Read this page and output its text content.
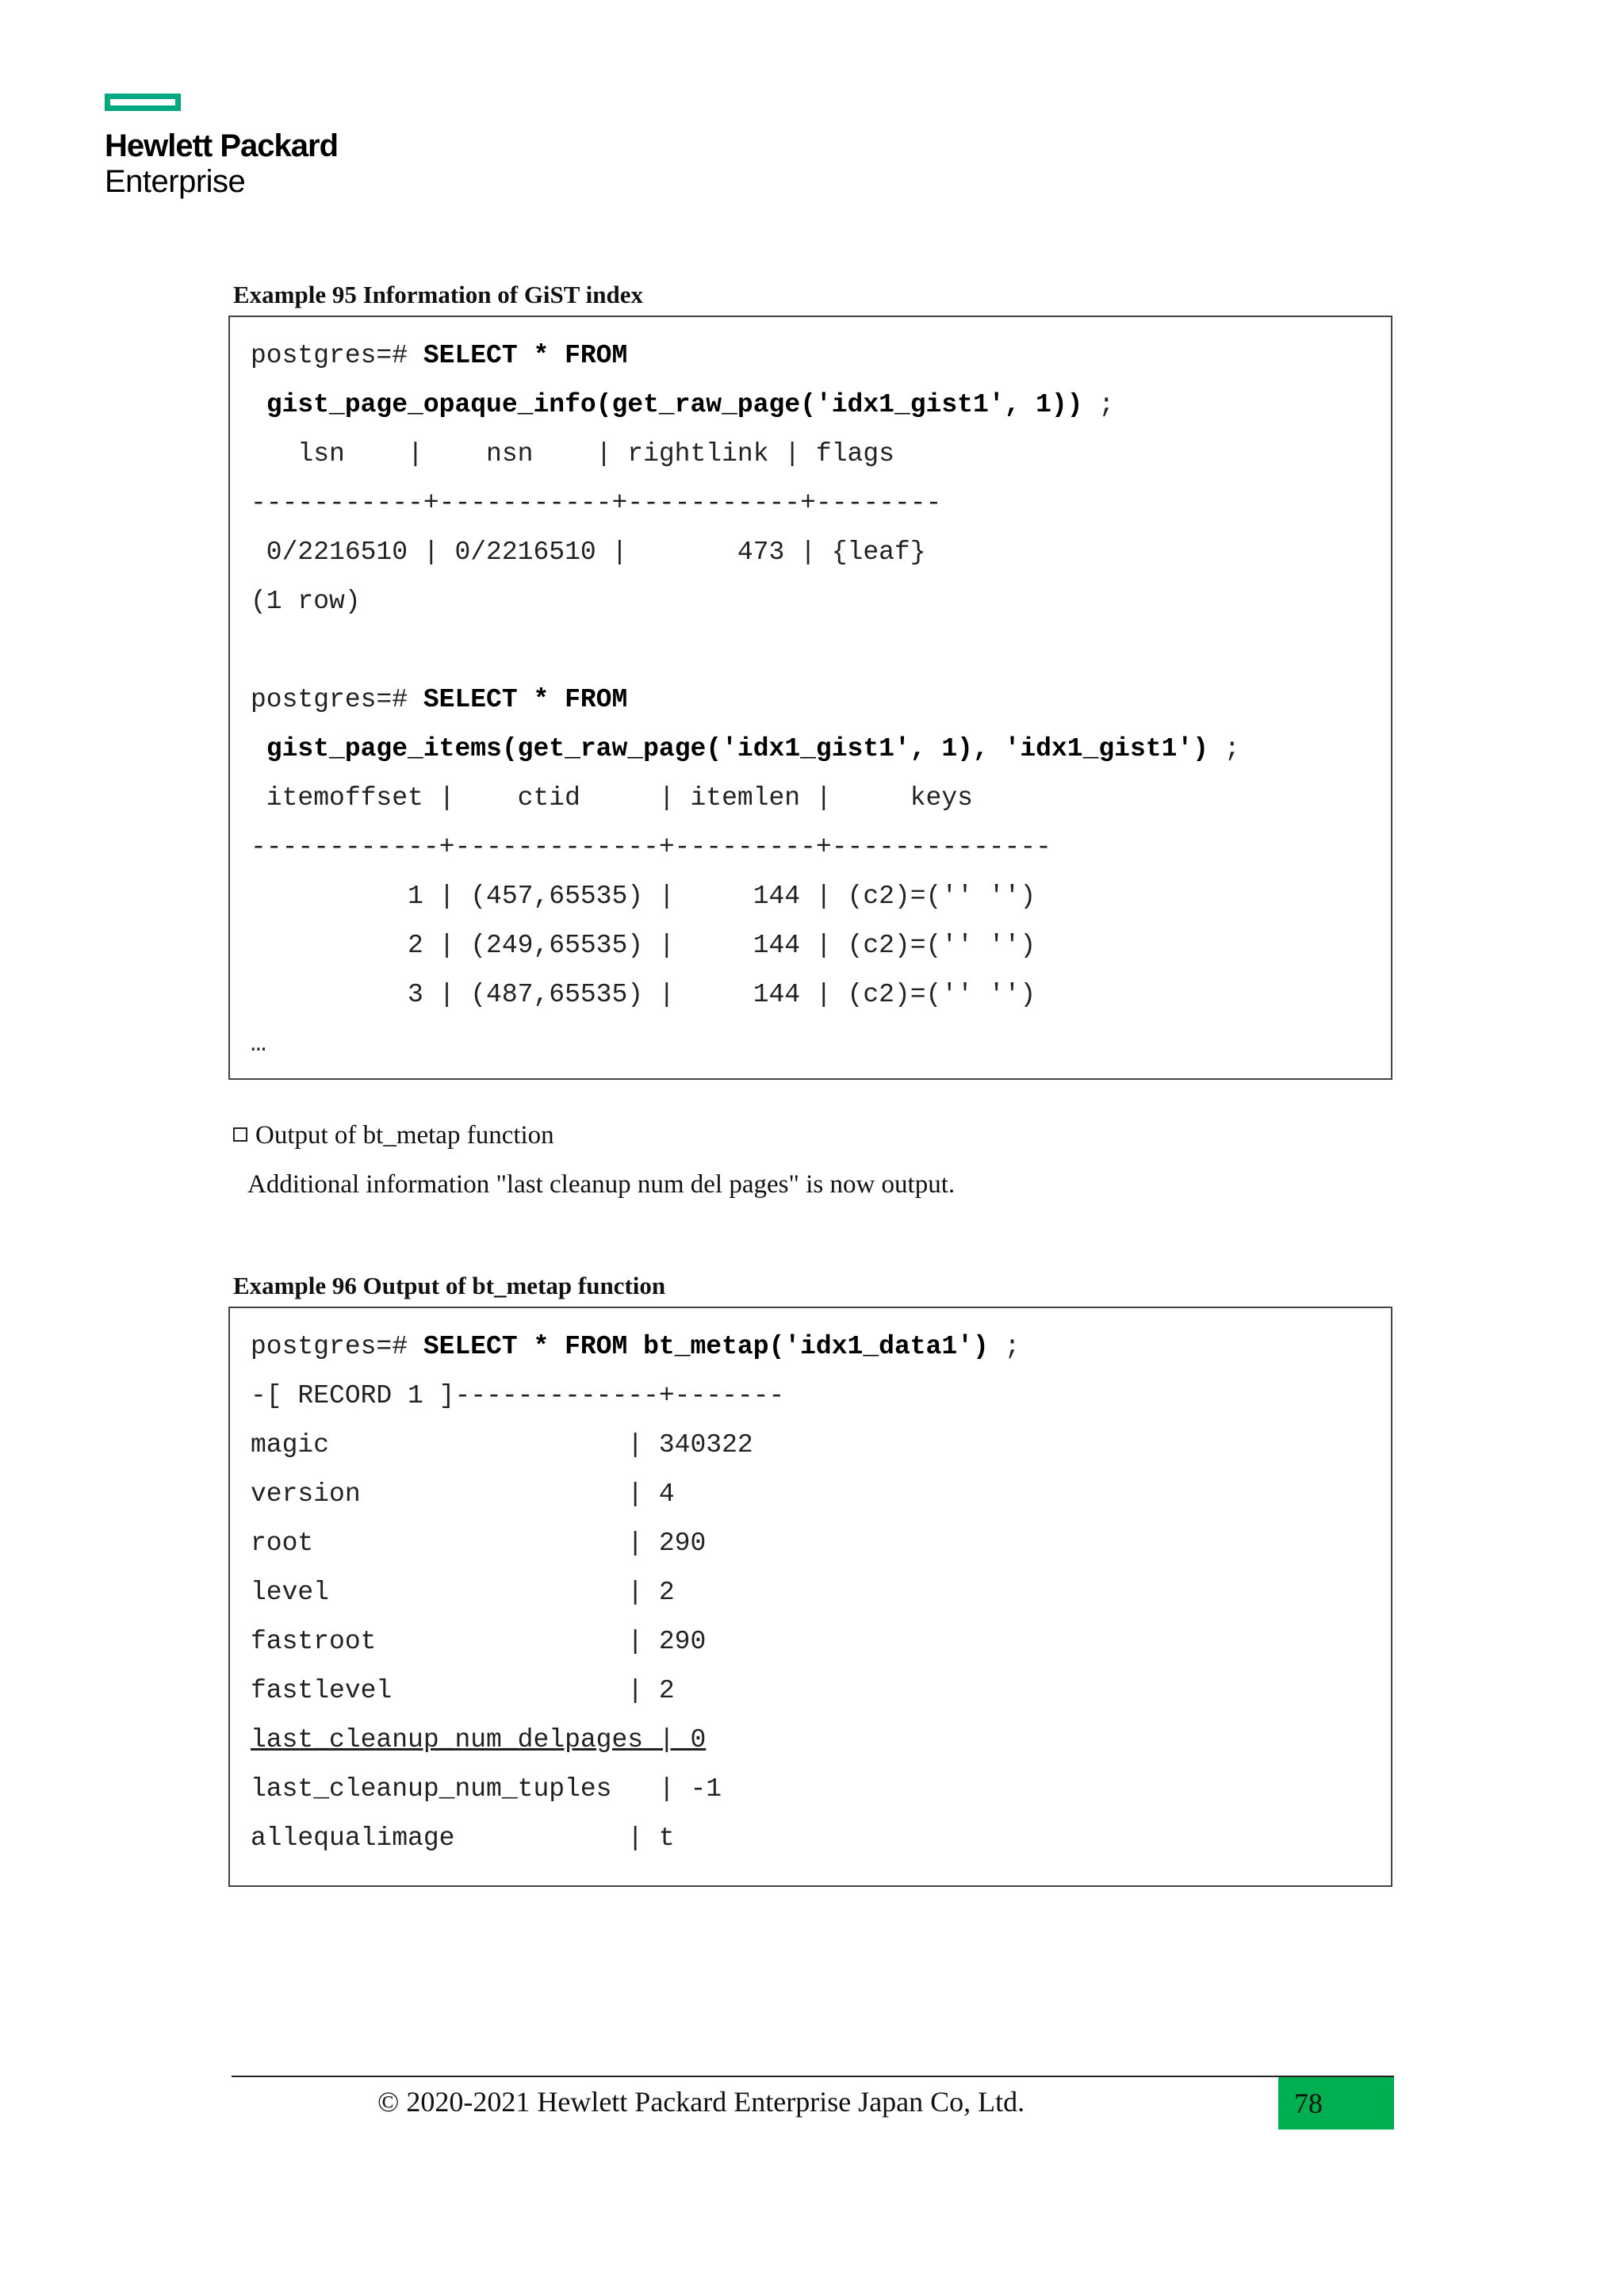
Hewlett Packard
Enterprise
Example 95 Information of GiST index
postgres=# SELECT * FROM
gist_page_opaque_info(get_raw_page('idx1_gist1', 1)) ;
lsn    |    nsn    | rightlink | flags
-----------+-----------+-----------+--------
0/2216510 | 0/2216510 |       473 | {leaf}
(1 row)
postgres=# SELECT * FROM
gist_page_items(get_raw_page('idx1_gist1', 1), 'idx1_gist1') ;
itemoffset |    ctid     | itemlen |     keys
------------+-------------+---------+--------------
1 | (457,65535) |     144 | (c2)=('' '')
2 | (249,65535) |     144 | (c2)=('' '')
3 | (487,65535) |     144 | (c2)=('' '')
…
Output of bt_metap function
Additional information "last cleanup num del pages" is now output.
Example 96 Output of bt_metap function
postgres=# SELECT * FROM bt_metap('idx1_data1') ;
-[ RECORD 1 ]-------------+-------
magic                   | 340322
version                 | 4
root                    | 290
level                   | 2
fastroot                | 290
fastlevel               | 2
last_cleanup_num_delpages | 0
last_cleanup_num_tuples   | -1
allequalimage           | t
© 2020-2021 Hewlett Packard Enterprise Japan Co, Ltd.	78
